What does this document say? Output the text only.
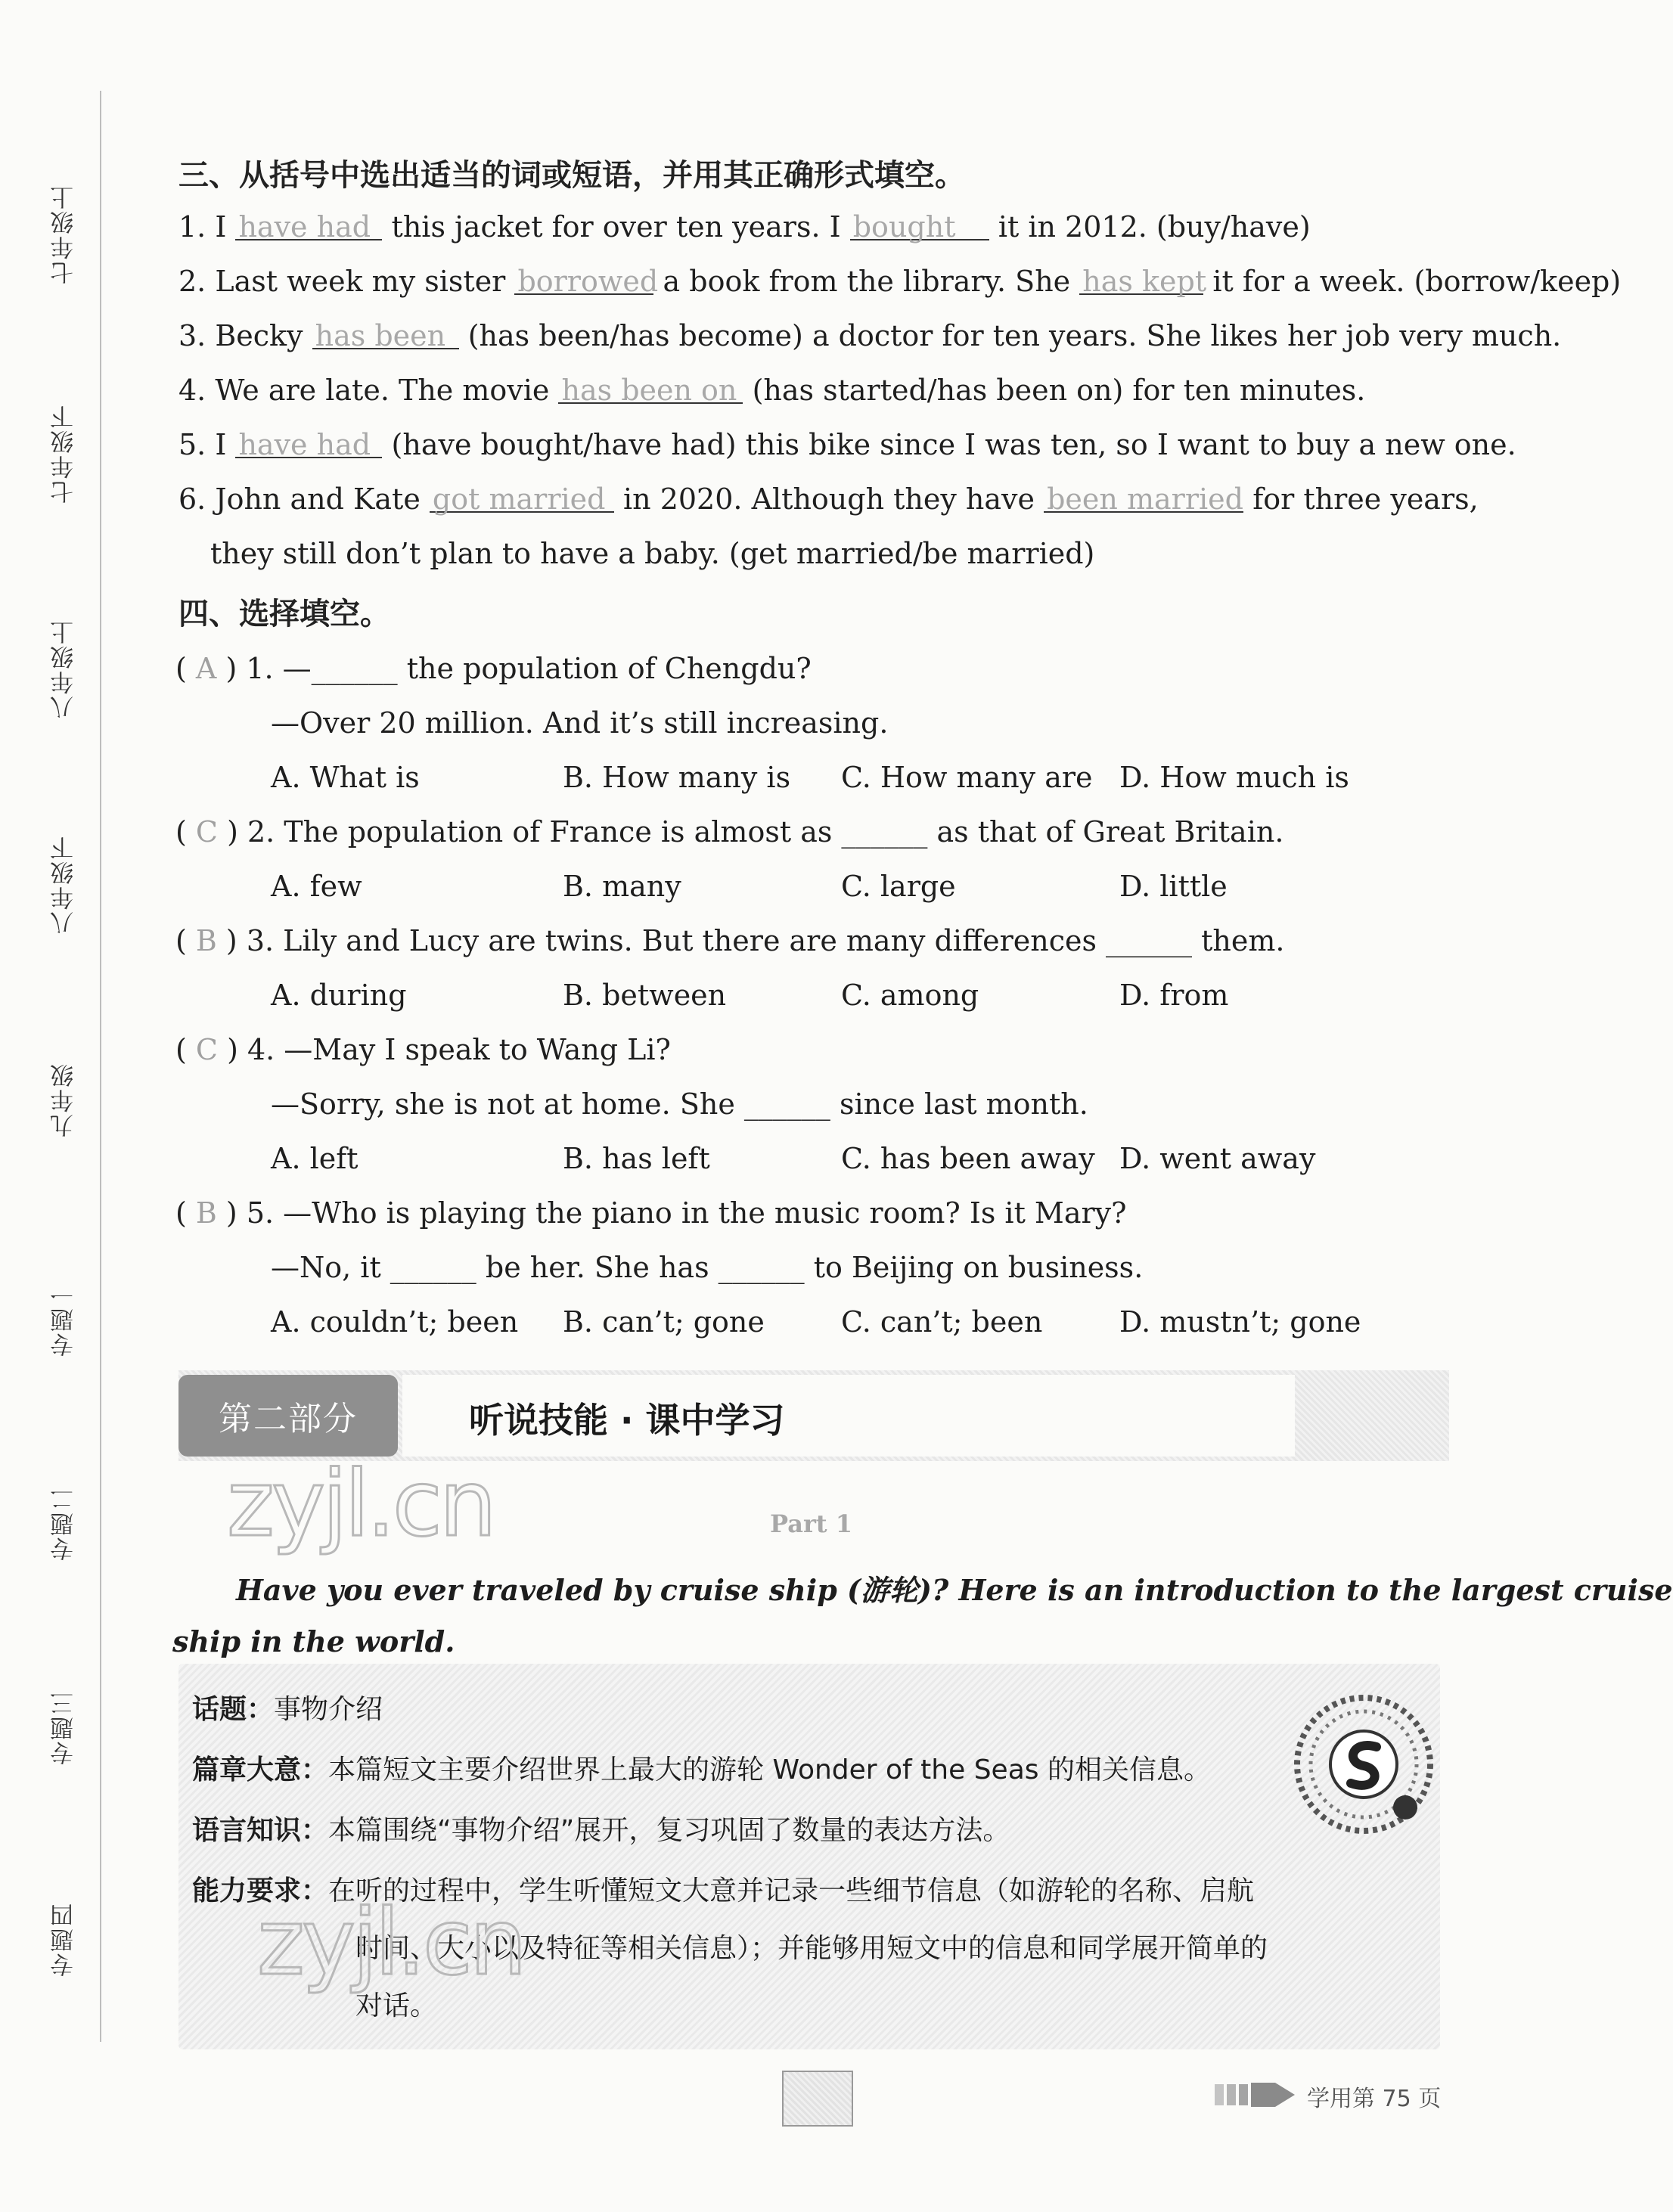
七年级上
七年级下
八年级上
八年级下
九年级
专题一
专题二
专题三
专题四
三、从括号中选出适当的词或短语，并用其正确形式填空。
1. I have had this jacket for over ten years. I bought it in 2012. (buy/have)
2. Last week my sister borrowed a book from the library. She has kept it for a week. (borrow/keep)
3. Becky has been (has been/has become) a doctor for ten years. She likes her job very much.
4. We are late. The movie has been on (has started/has been on) for ten minutes.
5. I have had (have bought/have had) this bike since I was ten, so I want to buy a new one.
6. John and Kate got married in 2020. Although they have been married for three years,
they still don’t plan to have a baby. (get married/be married)
四、选择填空。
( A ) 1. —______ the population of Chengdu?
—Over 20 million. And it’s still increasing.
A. What is	B. How many is C. How many are D. How much is
( C ) 2. The population of France is almost as ______ as that of Great Britain.
A. few	B. many	C. large	D. little
( B ) 3. Lily and Lucy are twins. But there are many differences ______ them.
A. during	B. between	C. among	D. from
( C ) 4. —May I speak to Wang Li?
—Sorry, she is not at home. She ______ since last month.
A. left	B. has left	C. has been away D. went away
( B ) 5. —Who is playing the piano in the music room? Is it Mary?
—No, it ______ be her. She has ______ to Beijing on business.
A. couldn’t; been B. can’t; gone	C. can’t; been	D. mustn’t; gone
第二部分	听说技能 · 课中学习
zyjl.cn	Part 1
Have you ever traveled by cruise ship (游轮)? Here is an introduction to the largest cruise
ship in the world.
话题：事物介绍
篇章大意：本篇短文主要介绍世界上最大的游轮 Wonder of the Seas 的相关信息。
语言知识：本篇围绕“事物介绍”展开，复习巩固了数量的表达方法。
能力要求：在听的过程中，学生听懂短文大意并记录一些细节信息（如游轮的名称、启航
时间、大小以及特征等相关信息）；并能够用短文中的信息和同学展开简单的
对话。
zyjl.cn
学用第 75 页
